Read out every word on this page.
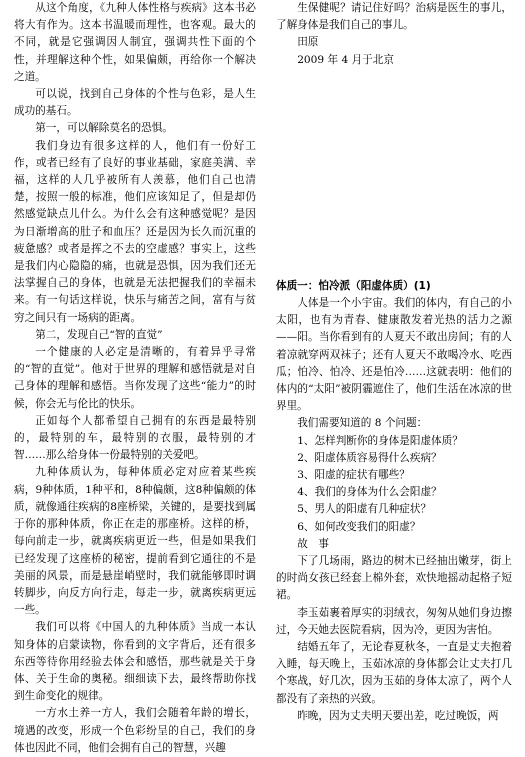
从这个角度，《九种人体性格与疾病》这本书必将大有作为。这本书温暖而理性，也客观。最大的不同，就是它强调因人制宜，强调共性下面的个性，并理解这种个性，如果偏颇，再给你一个解决之道。

可以说，找到自己身体的个性与色彩，是人生成功的基石。

第一，可以解除莫名的恐惧。

我们身边有很多这样的人，他们有一份好工作，或者已经有了良好的事业基础，家庭美满、幸福，这样的人几乎被所有人羡慕，他们自己也清楚，按照一般的标准，他们应该知足了，但是却仍然感觉缺点儿什么。为什么会有这种感觉呢？是因为日渐增高的肚子和血压？还是因为长久而沉重的疲惫感？或者是挥之不去的空虚感？事实上，这些是我们内心隐隐的痛，也就是恐惧，因为我们还无法掌握自己的身体，也就是无法把握我们的幸福未来。有一句话这样说，快乐与痛苦之间，富有与贫穷之间只有一场病的距离。

第二，发现自己“智的直觉”

一个健康的人必定是清晰的，有着异乎寻常的“智的直觉”。他对于世界的理解和感悟就是对自己身体的理解和感悟。当你发现了这些“能力”的时候，你会无与伦比的快乐。

正如每个人都希望自己拥有的东西是最特别的，最特别的车，最特别的衣服，最特别的才智……那么给身体一份最特别的关爱吧。

九种体质认为，每种体质必定对应着某些疾病，9种体质，1种平和，8种偏颇，这8种偏颇的体质，就像通往疾病的8座桥梁，关键的，是要找到属于你的那种体质，你正在走的那座桥。这样的桥，每向前走一步，就离疾病更近一些，但是如果我们已经发现了这座桥的秘密，提前看到它通往的不是美丽的风景，而是悬崖峭壁时，我们就能够即时调转脚步，向反方向行走，每走一步，就离疾病更远一些。

我们可以将《中国人的九种体质》当成一本认知身体的启蒙读物，你看到的文字背后，还有很多东西等待你用经验去体会和感悟，那些就是关于身体、关于生命的奥秘。细细读下去，最终帮助你找到生命变化的规律。

一方水土养一方人，我们会随着年龄的增长，境遇的改变，形成一个色彩纷呈的自己，我们的身体也因此不同，他们会拥有自己的智慧，兴趣

生保健呢？请记住好吗？治病是医生的事儿，了解身体是我们自己的事儿。

田原

2009 年 4 月于北京

体质一：怕冷派（阳虚体质）(1)

人体是一个小宇宙。我们的体内，有自己的小太阳，也有为青春、健康散发着光热的活力之源——阳。当你看到有的人夏天不敢出房间；有的人着凉就穿两双袜子；还有人夏天不敢喝冷水、吃西瓜；怕冷、怕冷、还是怕冷……这就表明：他们的体内的“太阳”被阴霾遮住了，他们生活在冰凉的世界里。

我们需要知道的 8 个问题：

1、怎样判断你的身体是阳虚体质？

2、阳虚体质容易得什么疾病？

3、阳虚的症状有哪些？

4、我们的身体为什么会阳虚？

5、男人的阳虚有几种症状？

6、如何改变我们的阳虚？

故　事

下了几场雨，路边的树木已经抽出嫩芽，街上的时尚女孩已经套上棉外套，欢快地摇动起格子短裙。

李玉茹裹着厚实的羽绒衣，匆匆从她们身边擦过，今天她去医院看病，因为冷，更因为害怕。

结婚五年了，无论春夏秋冬，一直是丈夫抱着入睡，每天晚上，玉茹冰凉的身体都会让丈夫打几个寒战，好几次，因为玉茹的身体太凉了，两个人都没有了亲热的兴致。

昨晚，因为丈夫明天要出差，吃过晚饭，两
